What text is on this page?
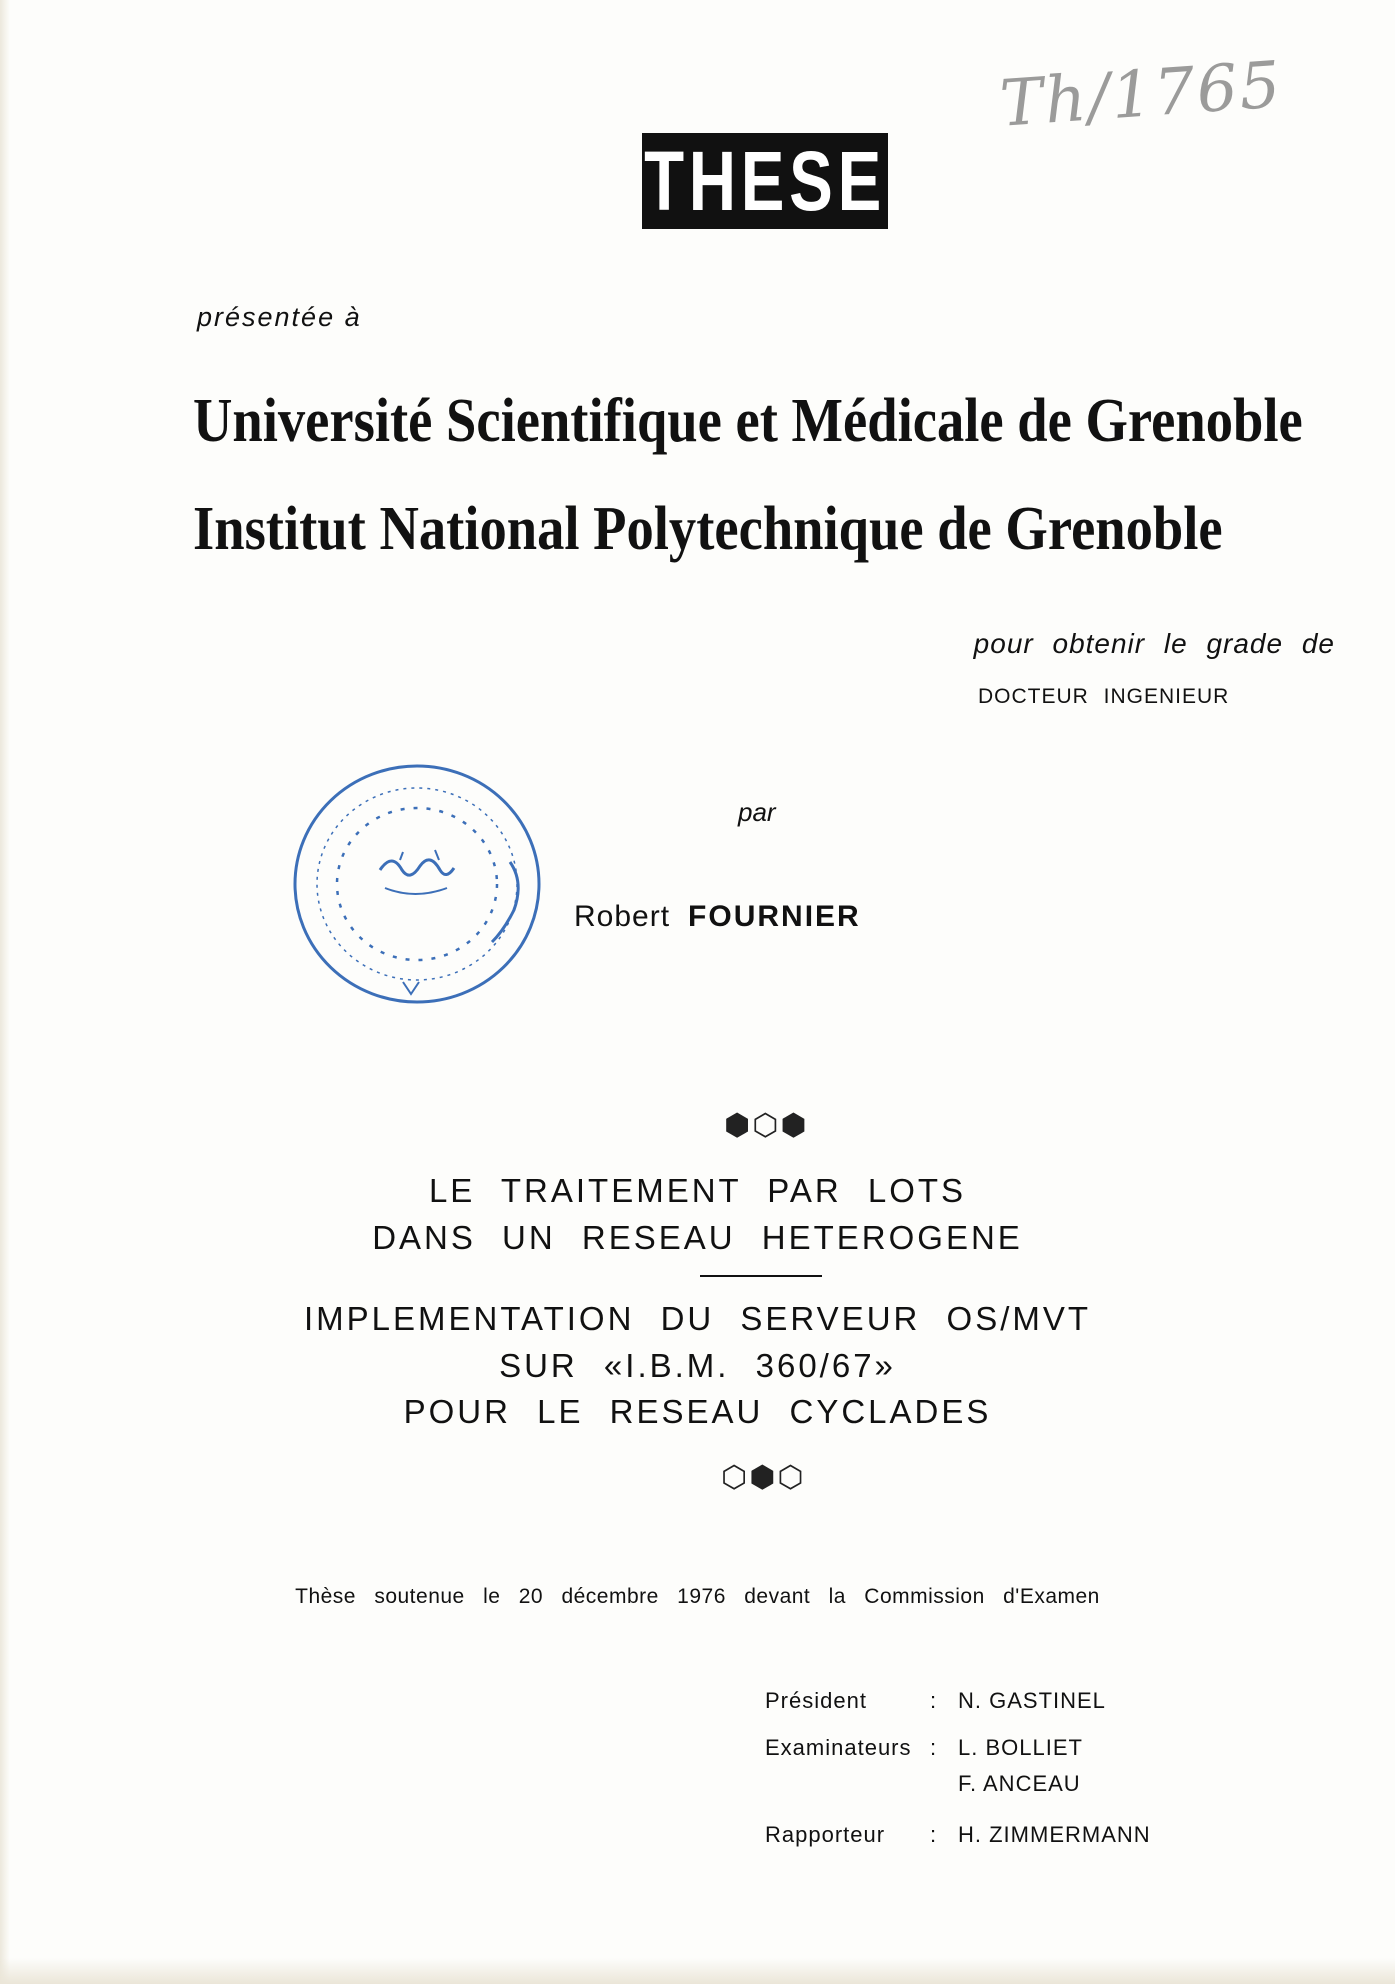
Th/1765
THESE
présentée à
Université Scientifique et Médicale de Grenoble
Institut National Polytechnique de Grenoble
pour obtenir le grade de
DOCTEUR INGENIEUR
par
Robert FOURNIER
⬢⬡⬢
LE TRAITEMENT PAR LOTS
DANS UN RESEAU HETEROGENE
IMPLEMENTATION DU SERVEUR OS/MVT
SUR «I.B.M. 360/67»
POUR LE RESEAU CYCLADES
⬡⬢⬡
Thèse soutenue le 20 décembre 1976 devant la Commission d'Examen
Président	: N. GASTINEL
Examinateurs : L. BOLLIET
F. ANCEAU
Rapporteur : H. ZIMMERMANN
